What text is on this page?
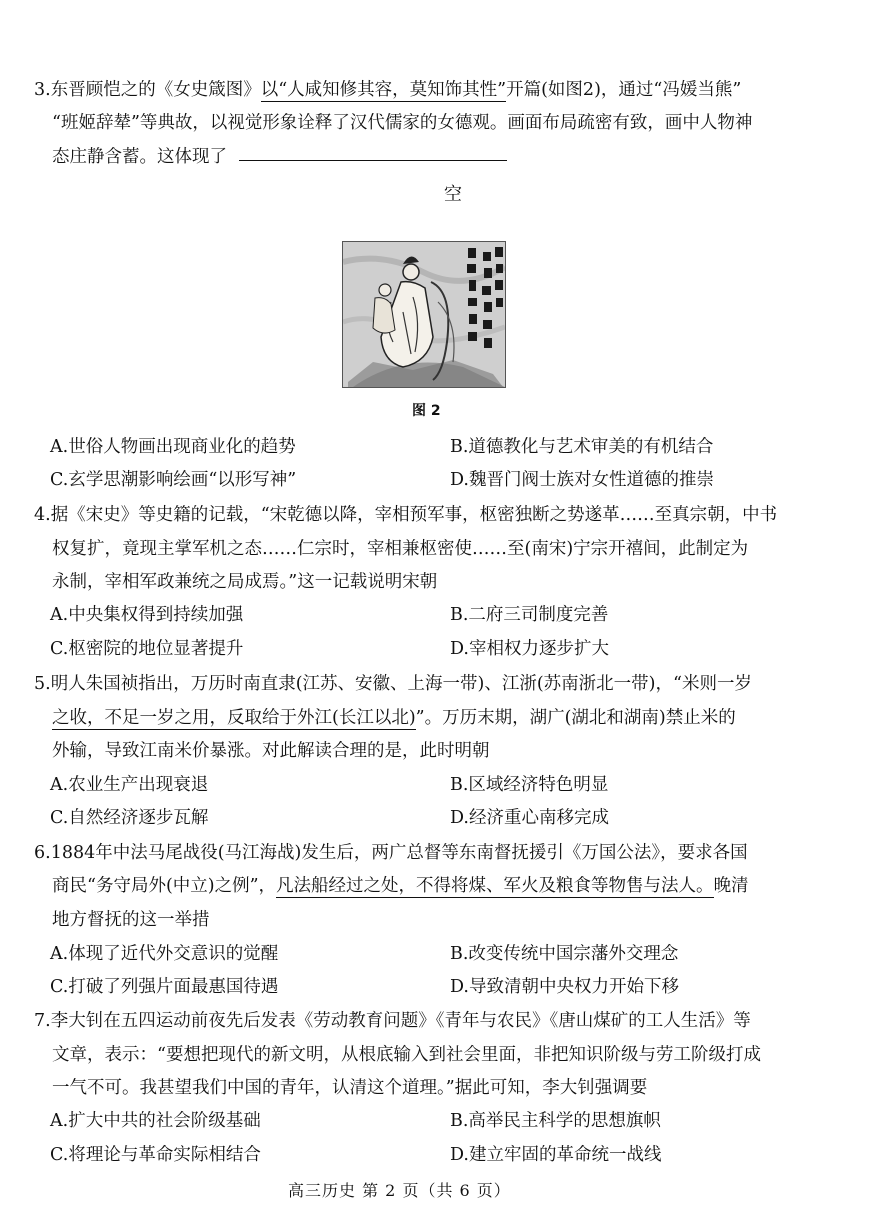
3.东晋顾恺之的《女史箴图》以“人咸知修其容，莫知饰其性”开篇(如图2)，通过“冯媛当熊”
“班姬辞辇”等典故，以视觉形象诠释了汉代儒家的女德观。画面布局疏密有致，画中人物神
态庄静含蓄。这体现了
空
图 2
A.世俗人物画出现商业化的趋势	B.道德教化与艺术审美的有机结合
C.玄学思潮影响绘画“以形写神”	D.魏晋门阀士族对女性道德的推崇
4.据《宋史》等史籍的记载，“宋乾德以降，宰相预军事，枢密独断之势遂革……至真宗朝，中书
权复扩，竟现主掌军机之态……仁宗时，宰相兼枢密使……至(南宋)宁宗开禧间，此制定为
永制，宰相军政兼统之局成焉。”这一记载说明宋朝
A.中央集权得到持续加强	B.二府三司制度完善
C.枢密院的地位显著提升	D.宰相权力逐步扩大
5.明人朱国祯指出，万历时南直隶(江苏、安徽、上海一带)、江浙(苏南浙北一带)，“米则一岁
之收，不足一岁之用，反取给于外江(长江以北)”。万历末期，湖广(湖北和湖南)禁止米的
外输，导致江南米价暴涨。对此解读合理的是，此时明朝
A.农业生产出现衰退	B.区域经济特色明显
C.自然经济逐步瓦解	D.经济重心南移完成
6.1884年中法马尾战役(马江海战)发生后，两广总督等东南督抚援引《万国公法》，要求各国
商民“务守局外(中立)之例”，凡法船经过之处，不得将煤、军火及粮食等物售与法人。晚清
地方督抚的这一举措
A.体现了近代外交意识的觉醒	B.改变传统中国宗藩外交理念
C.打破了列强片面最惠国待遇	D.导致清朝中央权力开始下移
7.李大钊在五四运动前夜先后发表《劳动教育问题》《青年与农民》《唐山煤矿的工人生活》等
文章，表示：“要想把现代的新文明，从根底输入到社会里面，非把知识阶级与劳工阶级打成
一气不可。我甚望我们中国的青年，认清这个道理。”据此可知，李大钊强调要
A.扩大中共的社会阶级基础	B.高举民主科学的思想旗帜
C.将理论与革命实际相结合	D.建立牢固的革命统一战线
高三历史 第 2 页（共 6 页）
